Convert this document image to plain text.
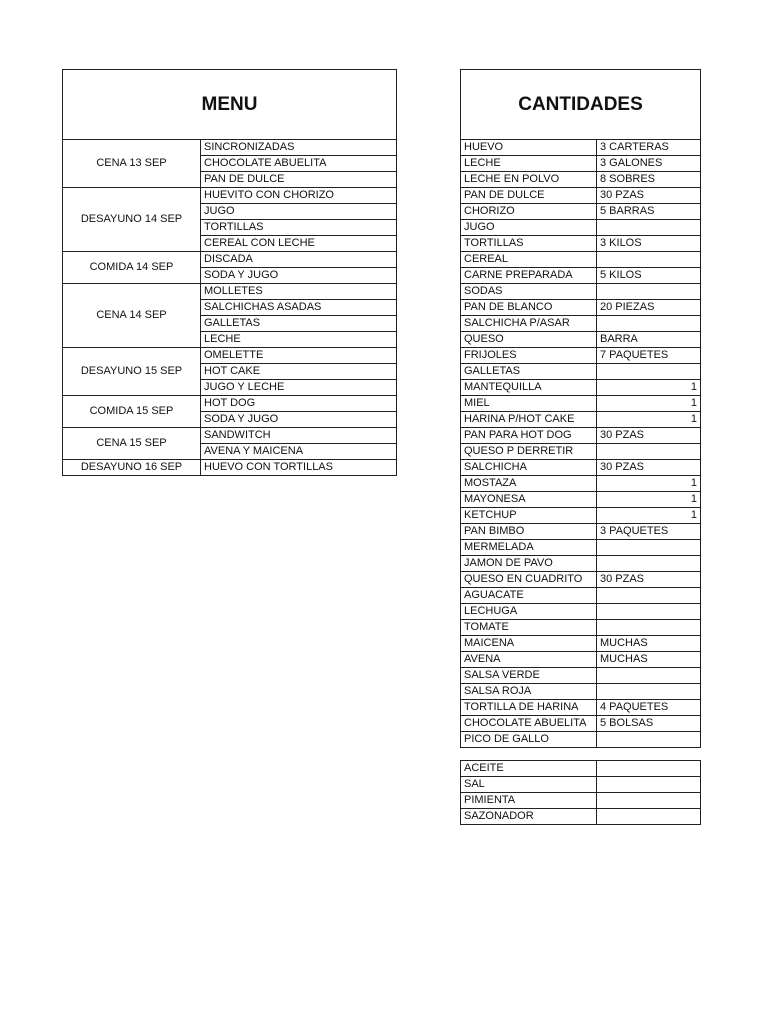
MENU	
CENA 13 SEP	SINCRONIZADAS
	CHOCOLATE ABUELITA
	PAN DE DULCE
DESAYUNO 14 SEP	HUEVITO CON CHORIZO
	JUGO
	TORTILLAS
	CEREAL CON LECHE
COMIDA 14 SEP	DISCADA
	SODA Y JUGO
CENA 14 SEP	MOLLETES
	SALCHICHAS ASADAS
	GALLETAS
	LECHE
DESAYUNO 15 SEP	OMELETTE
	HOT CAKE
	JUGO Y LECHE
COMIDA 15 SEP	HOT DOG
	SODA Y JUGO
CENA 15 SEP	SANDWITCH
	AVENA Y MAICENA
DESAYUNO 16 SEP	HUEVO CON TORTILLAS
CANTIDADES	
HUEVO	3 CARTERAS
LECHE	3 GALONES
LECHE EN POLVO	8 SOBRES
PAN DE DULCE	30 PZAS
CHORIZO	5 BARRAS
JUGO	
TORTILLAS	3 KILOS
CEREAL	
CARNE PREPARADA	5 KILOS
SODAS	
PAN DE BLANCO	20 PIEZAS
SALCHICHA P/ASAR	
QUESO	BARRA
FRIJOLES	7 PAQUETES
GALLETAS	
MANTEQUILLA	1
MIEL	1
HARINA P/HOT CAKE	1
PAN PARA HOT DOG	30 PZAS
QUESO P DERRETIR	
SALCHICHA	30 PZAS
MOSTAZA	1
MAYONESA	1
KETCHUP	1
PAN BIMBO	3 PAQUETES
MERMELADA	
JAMON DE PAVO	
QUESO EN CUADRITO	30 PZAS
AGUACATE	
LECHUGA	
TOMATE	
MAICENA	MUCHAS
AVENA	MUCHAS
SALSA VERDE	
SALSA ROJA	
TORTILLA DE HARINA	4 PAQUETES
CHOCOLATE ABUELITA	5 BOLSAS
PICO DE GALLO	
ACEITE	
SAL	
PIMIENTA	
SAZONADOR	
